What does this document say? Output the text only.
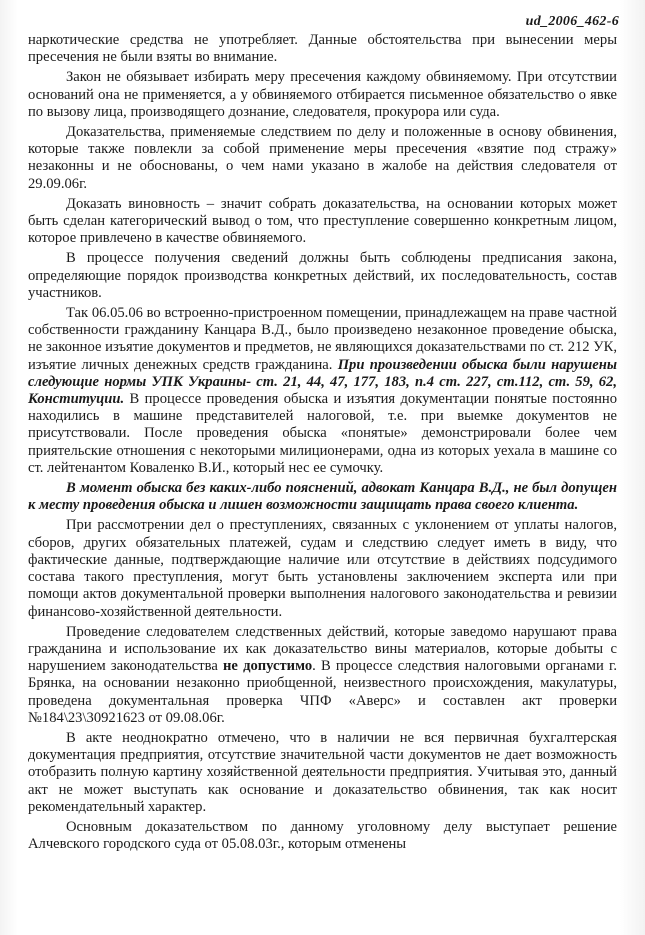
ud_2006_462-6

наркотические средства не употребляет. Данные обстоятельства при вынесении меры пресечения не были взяты во внимание.

Закон не обязывает избирать меру пресечения каждому обвиняемому. При отсутствии оснований она не применяется, а у обвиняемого отбирается письменное обязательство о явке по вызову лица, производящего дознание, следователя, прокурора или суда.

Доказательства, применяемые следствием по делу и положенные в основу обвинения, которые также повлекли за собой применение меры пресечения «взятие под стражу» незаконны и не обоснованы, о чем нами указано в жалобе на действия следователя от 29.09.06г.

Доказать виновность – значит собрать доказательства, на основании которых может быть сделан категорический вывод о том, что преступление совершенно конкретным лицом, которое привлечено в качестве обвиняемого.

В процессе получения сведений должны быть соблюдены предписания закона, определяющие порядок производства конкретных действий, их последовательность, состав участников.

Так 06.05.06 во встроенно-пристроенном помещении, принадлежащем на праве частной собственности гражданину Канцара В.Д., было произведено незаконное проведение обыска, не законное изъятие документов и предметов, не являющихся доказательствами по ст. 212 УК, изъятие личных денежных средств гражданина. При произведении обыска были нарушены следующие нормы УПК Украины- ст. 21, 44, 47, 177, 183, п.4 ст. 227, ст.112, ст. 59, 62, Конституции. В процессе проведения обыска и изъятия документации понятые постоянно находились в машине представителей налоговой, т.е. при выемке документов не присутствовали. После проведения обыска «понятые» демонстрировали более чем приятельские отношения с некоторыми милиционерами, одна из которых уехала в машине со ст. лейтенантом Коваленко В.И., который нес ее сумочку.

В момент обыска без каких-либо пояснений, адвокат Канцара В.Д., не был допущен к месту проведения обыска и лишен возможности защищать права своего клиента.

При рассмотрении дел о преступлениях, связанных с уклонением от уплаты налогов, сборов, других обязательных платежей, судам и следствию следует иметь в виду, что фактические данные, подтверждающие наличие или отсутствие в действиях подсудимого состава такого преступления, могут быть установлены заключением эксперта или при помощи актов документальной проверки выполнения налогового законодательства и ревизии финансово-хозяйственной деятельности.

Проведение следователем следственных действий, которые заведомо нарушают права гражданина и использование их как доказательство вины материалов, которые добыты с нарушением законодательства не допустимо. В процессе следствия налоговыми органами г. Брянка, на основании незаконно приобщенной, неизвестного происхождения, макулатуры, проведена документальная проверка ЧПФ «Аверс» и составлен акт проверки №184\23\30921623 от 09.08.06г.

В акте неоднократно отмечено, что в наличии не вся первичная бухгалтерская документация предприятия, отсутствие значительной части документов не дает возможность отобразить полную картину хозяйственной деятельности предприятия. Учитывая это, данный акт не может выступать как основание и доказательство обвинения, так как носит рекомендательный характер.

Основным доказательством по данному уголовному делу выступает решение Алчевского городского суда от 05.08.03г., которым отменены
